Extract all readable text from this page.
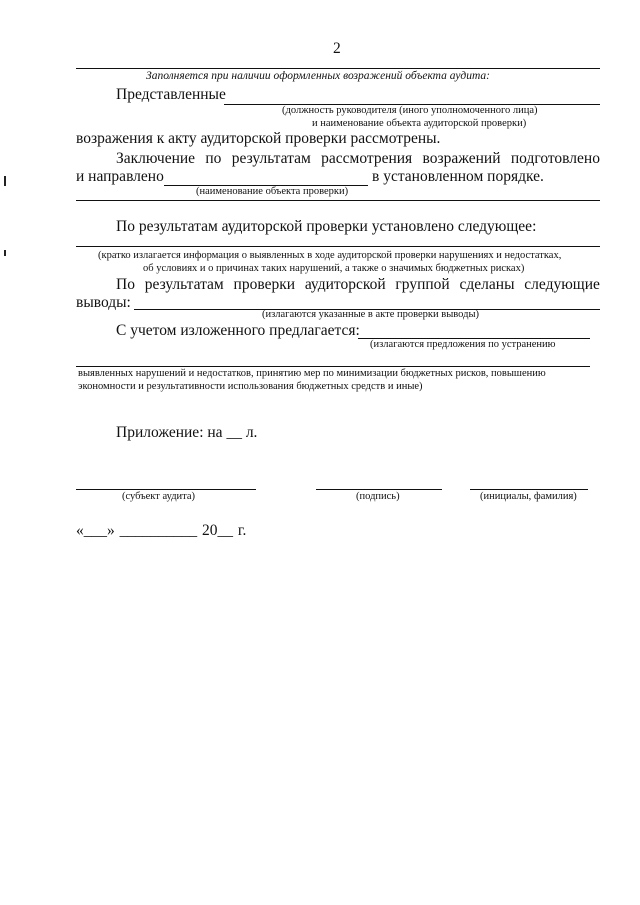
2
Заполняется при наличии оформленных возражений объекта аудита:
Представленные
(должность руководителя (иного уполномоченного лица)
и наименование объекта аудиторской проверки)
возражения к акту аудиторской проверки рассмотрены.
Заключение по результатам рассмотрения возражений подготовлено
и направлено	в установленном порядке.
(наименование объекта проверки)
По результатам аудиторской проверки установлено следующее:
(кратко излагается информация о выявленных в ходе аудиторской проверки нарушениях и недостатках,
об условиях и о причинах таких нарушений, а также о значимых бюджетных рисках)
По результатам проверки аудиторской группой сделаны следующие
выводы:
(излагаются указанные в акте проверки выводы)
С учетом изложенного предлагается:
(излагаются предложения по устранению
выявленных нарушений и недостатков, принятию мер по минимизации бюджетных рисков, повышению
экономности и результативности использования бюджетных средств и иные)
Приложение: на __ л.
(субъект аудита)	(подпись)	(инициалы, фамилия)
«___» __________ 20__ г.
